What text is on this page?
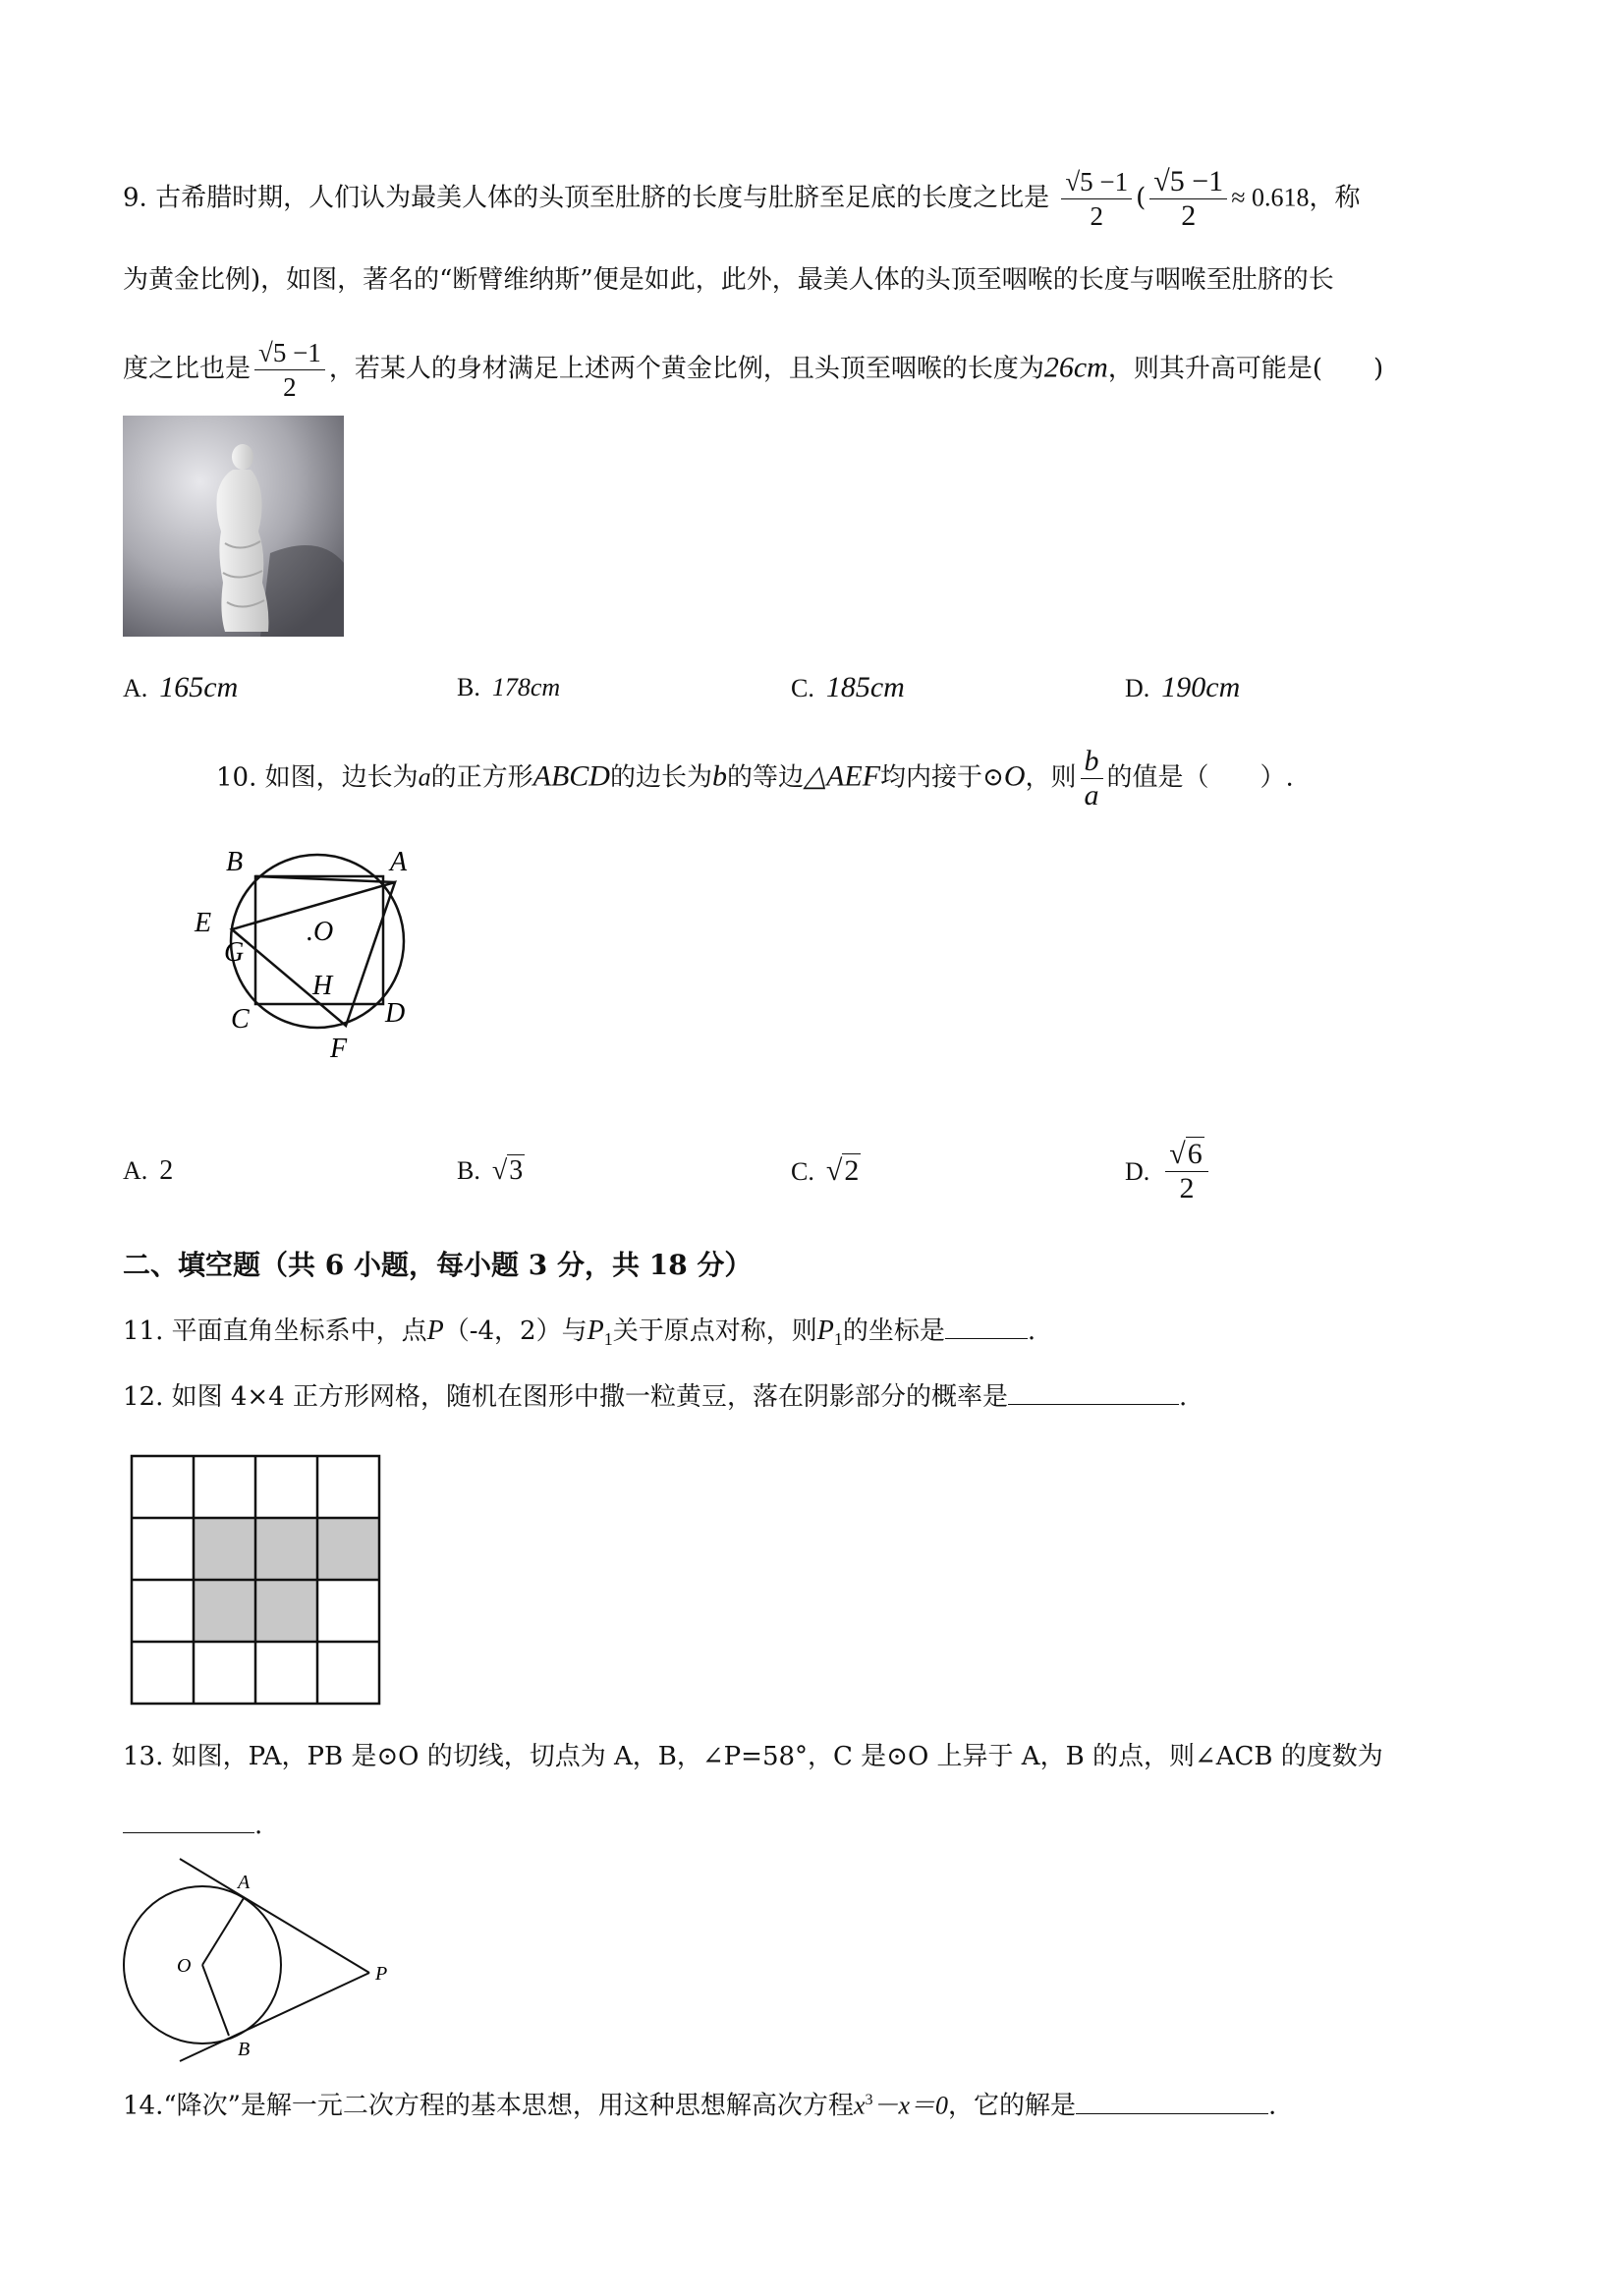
9. 古希腊时期，人们认为最美人体的头顶至肚脐的长度与肚脐至足底的长度之比是 $\frac{√5 -1}{2}$ ( $\frac{√5 -1}{2} \approx 0.618$，称
为黄金比例)，如图，著名的“断臂维纳斯”便是如此，此外，最美人体的头顶至咽喉的长度与咽喉至肚脐的长
度之比也是 $\frac{√5 -1}{2}$ ，若某人的身材满足上述两个黄金比例，且头顶至咽喉的长度为26cm，则其升高可能是(　　)
A. 165cm	B. 178cm	C. 185cm	D. 190cm
10. 如图，边长为a的正方形ABCD的边长为b的等边△AEF均内接于⊙O，则 $\frac{b}{a}$ 的值是（　　）.
B	A
E
G
.O
H
C	D
F
A. 2	B. √3	C. √2	D. $\frac{√6}{2}$
二、填空题（共 6 小题，每小题 3 分，共 18 分）
11. 平面直角坐标系中，点P（-4，2）与$P_1$关于原点对称，则$P_1$的坐标是	.
12. 如图 4×4 正方形网格，随机在图形中撒一粒黄豆，落在阴影部分的概率是	.
13. 如图，PA，PB 是⊙O 的切线，切点为 A，B，∠P=58°，C 是⊙O 上异于 A，B 的点，则∠ACB 的度数为
.
A
O	P
B
14.“降次”是解一元二次方程的基本思想，用这种思想解高次方程$x^3-x=0$，它的解是	.
